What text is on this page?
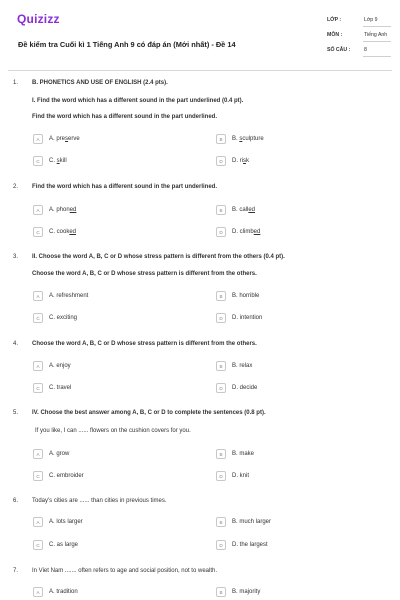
Quizizz
Đề kiểm tra Cuối kì 1 Tiếng Anh 9 có đáp án (Mới nhất) - Đề 14
LỚP :	Lớp 9
MÔN :	Tiếng Anh
SỐ CÂU :	8
1. B. PHONETICS AND USE OF ENGLISH (2.4 pts).
I. Find the word which has a different sound in the part underlined (0.4 pt).
Find the word which has a different sound in the part underlined.
A	A. preserve	B	B. sculpture
C	C. skill	D	D. risk
2. Find the word which has a different sound in the part underlined.
A	A. phoned	B	B. called
C	C. cooked	D	D. climbed
3. II. Choose the word A, B, C or D whose stress pattern is different from the others (0.4 pt).
Choose the word A, B, C or D whose stress pattern is different from the others.
A	A. refreshment	B	B. horrible
C	C. exciting	D	D. intention
4. Choose the word A, B, C or D whose stress pattern is different from the others.
A	A. enjoy	B	B. relax
C	C. travel	D	D. decide
5. IV. Choose the best answer among A, B, C or D to complete the sentences (0.8 pt).
If you like, I can ...... flowers on the cushion covers for you.
A	A. grow	B	B. make
C	C. embroider	D	D. knit
6. Today's cities are ...... than cities in previous times.
A	A. lots larger	B	B. much larger
C	C. as large	D	D. the largest
7. In Viet Nam ....... often refers to age and social position, not to wealth.
A	A. tradition	B	B. majority
